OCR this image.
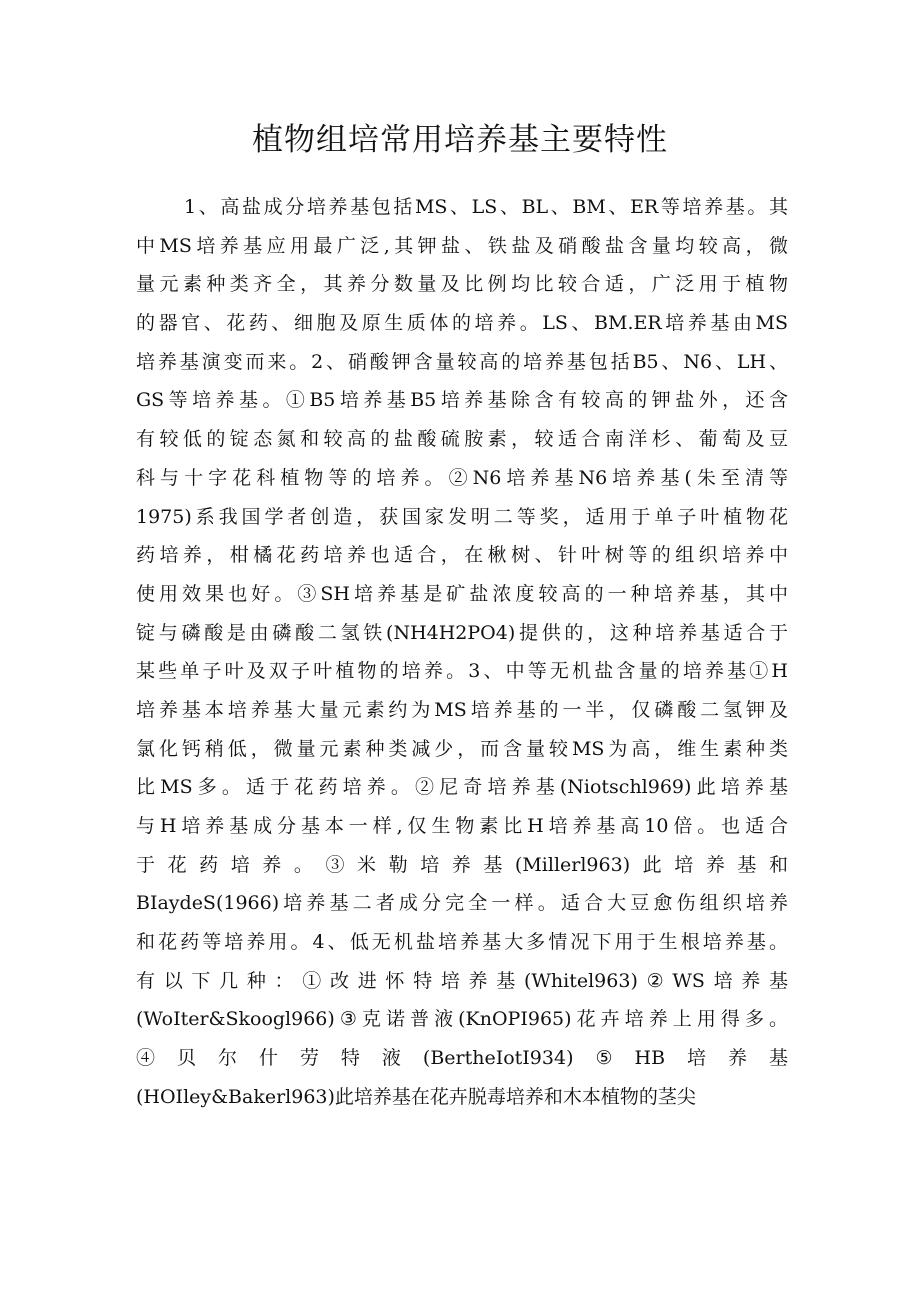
植物组培常用培养基主要特性
1、高盐成分培养基包括MS、LS、BL、BM、ER等培养基。其
中MS培养基应用最广泛,其钾盐、铁盐及硝酸盐含量均较高，微
量元素种类齐全，其养分数量及比例均比较合适，广泛用于植物
的器官、花药、细胞及原生质体的培养。LS、BM.ER培养基由MS
培养基演变而来。2、硝酸钾含量较高的培养基包括B5、N6、LH、
GS等培养基。①B5培养基B5培养基除含有较高的钾盐外，还含
有较低的锭态氮和较高的盐酸硫胺素，较适合南洋杉、葡萄及豆
科与十字花科植物等的培养。②N6培养基N6培养基(朱至清等
1975)系我国学者创造，获国家发明二等奖，适用于单子叶植物花
药培养，柑橘花药培养也适合，在楸树、针叶树等的组织培养中
使用效果也好。③SH培养基是矿盐浓度较高的一种培养基，其中
锭与磷酸是由磷酸二氢铁(NH4H2PO4)提供的，这种培养基适合于
某些单子叶及双子叶植物的培养。3、中等无机盐含量的培养基①H
培养基本培养基大量元素约为MS培养基的一半，仅磷酸二氢钾及
氯化钙稍低，微量元素种类减少，而含量较MS为高，维生素种类
比MS多。适于花药培养。②尼奇培养基(Niotschl969)此培养基
与H培养基成分基本一样,仅生物素比H培养基高10倍。也适合
于花药培养。③米勒培养基(Millerl963)此培养基和
BIaydeS(1966)培养基二者成分完全一样。适合大豆愈伤组织培养
和花药等培养用。4、低无机盐培养基大多情况下用于生根培养基。
有以下几种：①改进怀特培养基(Whitel963)②WS培养基
(WoIter&Skoogl966)③克诺普液(KnOPI965)花卉培养上用得多。
④贝尔什劳特液(BertheIotI934)⑤HB培养基
(HOIley&Bakerl963)此培养基在花卉脱毒培养和木本植物的茎尖
